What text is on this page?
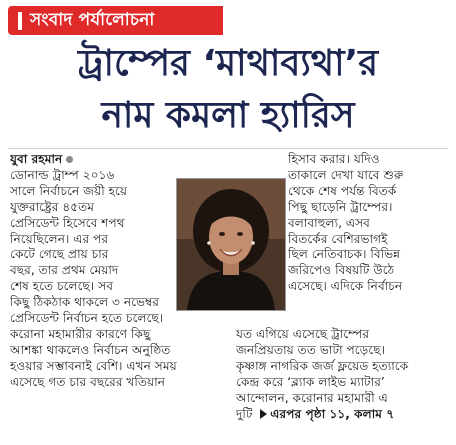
সংবাদ পর্যালোচনা
ট্রাম্পের ‘মাথাব্যথা’র
নাম কমলা হ্যারিস
যুবা রহমান
ডোনাল্ড ট্রাম্প ২০১৬
সালে নির্বাচনে জয়ী হয়ে
যুক্তরাষ্ট্রের ৪৫তম
প্রেসিডেন্ট হিসেবে শপথ
নিয়েছিলেন। এর পর
কেটে গেছে প্রায় চার
বছর, তার প্রথম মেয়াদ
শেষ হতে চলেছে। সব
কিছু ঠিকঠাক থাকলে ৩ নভেম্বর
প্রেসিডেন্ট নির্বাচন হতে চলেছে।
করোনা মহামারীর কারণে কিছু
আশঙ্কা থাকলেও নির্বাচন অনুষ্ঠিত
হওয়ার সম্ভাবনাই বেশি। এখন সময়
এসেছে গত চার বছরের খতিয়ান
হিসাব করার। যদিও
তাকালে দেখা যাবে শুরু
থেকে শেষ পর্যন্ত বিতর্ক
পিছু ছাড়েনি ট্রাম্পের।
বলাবাহুল্য, এসব
বিতর্কের বেশিরভাগই
ছিল নেতিবাচক। বিভিন্ন
জরিপেও বিষয়টি উঠে
এসেছে। এদিকে নির্বাচন
যত এগিয়ে এসেছে ট্রাম্পের
জনপ্রিয়তায় তত ভাটা পড়েছে।
কৃষ্ণাঙ্গ নাগরিক জর্জ ফ্লয়েড হত্যাকে
কেন্দ্র করে ‘ব্ল্যাক লাইভ ম্যাটার’
আন্দোলন, করোনার মহামারী এ
দুটি এরপর পৃষ্ঠা ১১, কলাম ৭
